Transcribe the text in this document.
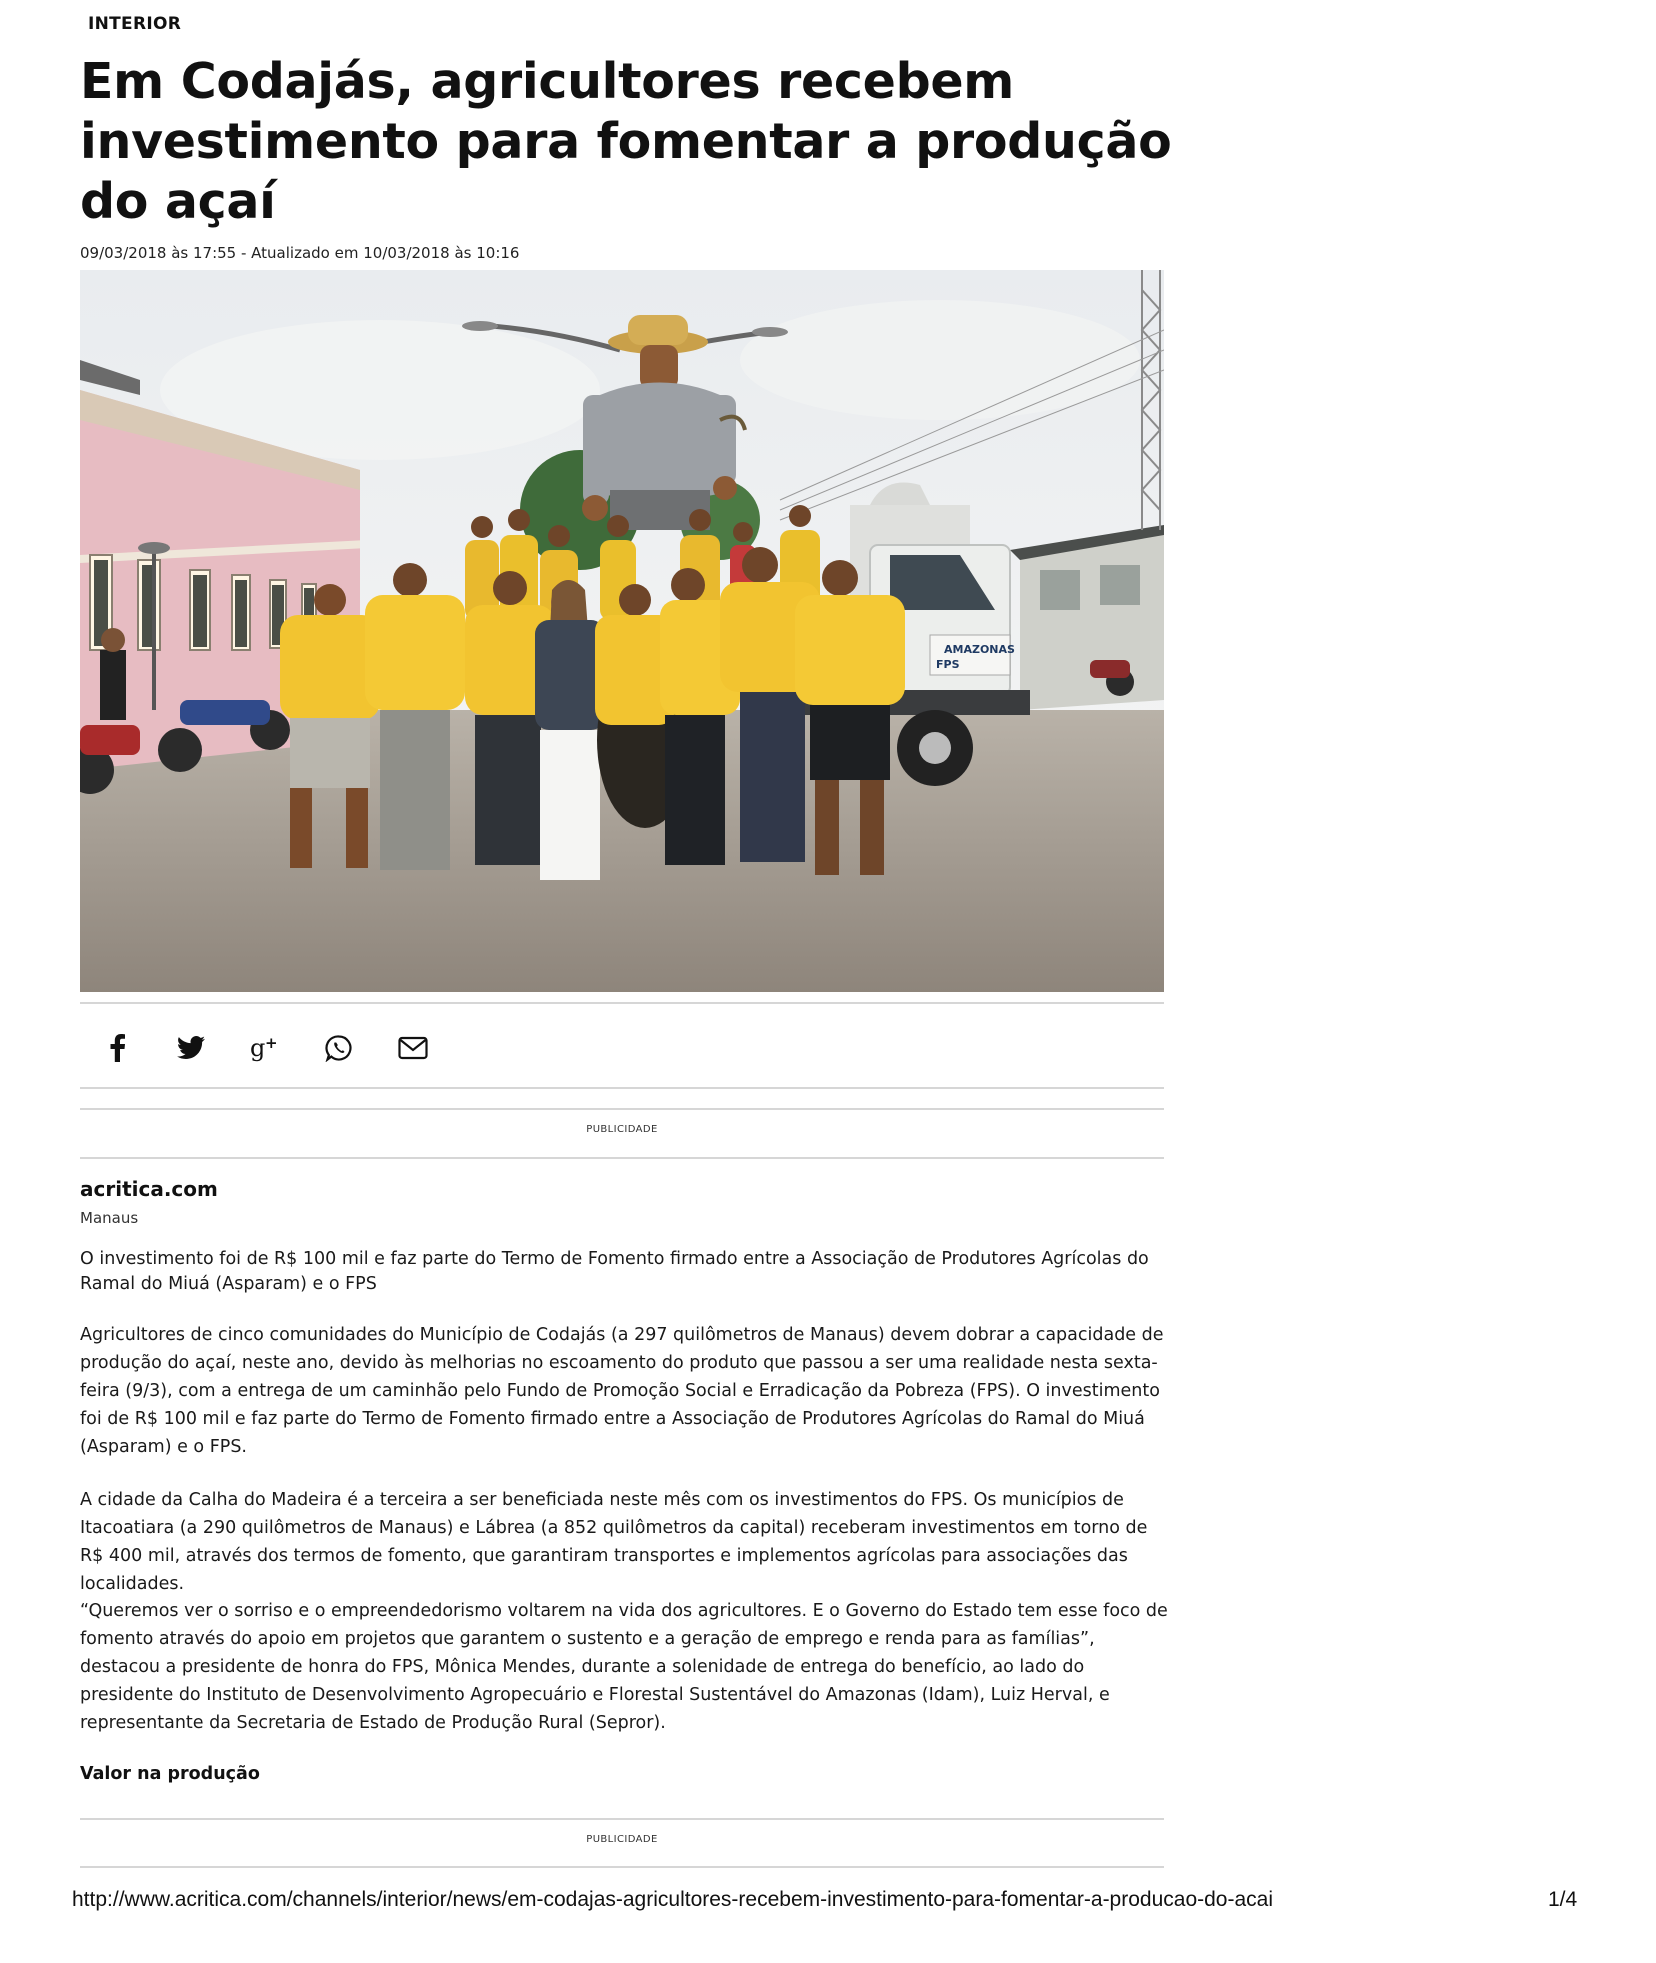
INTERIOR
Em Codajás, agricultores recebem investimento para fomentar a produção do açaí
09/03/2018 às 17:55 - Atualizado em 10/03/2018 às 10:16
AMAZONAS
FPS
g +
PUBLICIDADE
acritica.com
Manaus

O investimento foi de R$ 100 mil e faz parte do Termo de Fomento firmado entre a Associação de Produtores Agrícolas do Ramal do Miuá (Asparam) e o FPS

Agricultores de cinco comunidades do Município de Codajás (a 297 quilômetros de Manaus) devem dobrar a capacidade de produção do açaí, neste ano, devido às melhorias no escoamento do produto que passou a ser uma realidade nesta sexta-feira (9/3), com a entrega de um caminhão pelo Fundo de Promoção Social e Erradicação da Pobreza (FPS). O investimento foi de R$ 100 mil e faz parte do Termo de Fomento firmado entre a Associação de Produtores Agrícolas do Ramal do Miuá (Asparam) e o FPS.

A cidade da Calha do Madeira é a terceira a ser beneficiada neste mês com os investimentos do FPS. Os municípios de Itacoatiara (a 290 quilômetros de Manaus) e Lábrea (a 852 quilômetros da capital) receberam investimentos em torno de R$ 400 mil, através dos termos de fomento, que garantiram transportes e implementos agrícolas para associações das localidades.

“Queremos ver o sorriso e o empreendedorismo voltarem na vida dos agricultores. E o Governo do Estado tem esse foco de fomento através do apoio em projetos que garantem o sustento e a geração de emprego e renda para as famílias”, destacou a presidente de honra do FPS, Mônica Mendes, durante a solenidade de entrega do benefício, ao lado do presidente do Instituto de Desenvolvimento Agropecuário e Florestal Sustentável do Amazonas (Idam), Luiz Herval, e representante da Secretaria de Estado de Produção Rural (Sepror).

Valor na produção
PUBLICIDADE
http://www.acritica.com/channels/interior/news/em-codajas-agricultores-recebem-investimento-para-fomentar-a-producao-do-acai	1/4
